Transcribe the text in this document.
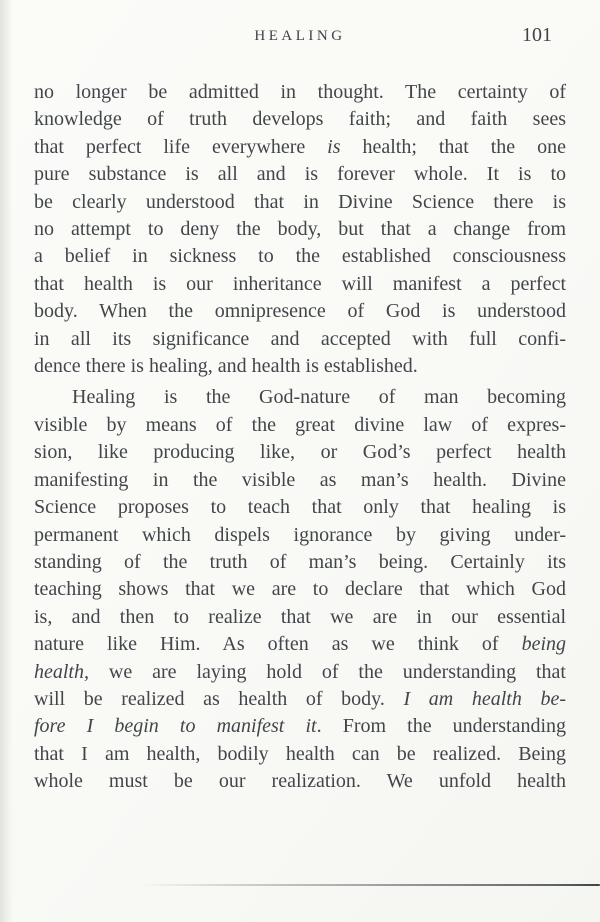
HEALING	101
no longer be admitted in thought. The certainty of
knowledge of truth develops faith; and faith sees
that perfect life everywhere is health; that the one
pure substance is all and is forever whole. It is to
be clearly understood that in Divine Science there is
no attempt to deny the body, but that a change from
a belief in sickness to the established consciousness
that health is our inheritance will manifest a perfect
body. When the omnipresence of God is understood
in all its significance and accepted with full confi-
dence there is healing, and health is established.
Healing is the God-nature of man becoming
visible by means of the great divine law of expres-
sion, like producing like, or God’s perfect health
manifesting in the visible as man’s health. Divine
Science proposes to teach that only that healing is
permanent which dispels ignorance by giving under-
standing of the truth of man’s being. Certainly its
teaching shows that we are to declare that which God
is, and then to realize that we are in our essential
nature like Him. As often as we think of being
health, we are laying hold of the understanding that
will be realized as health of body. I am health be-
fore I begin to manifest it. From the understanding
that I am health, bodily health can be realized. Being
whole must be our realization. We unfold health
